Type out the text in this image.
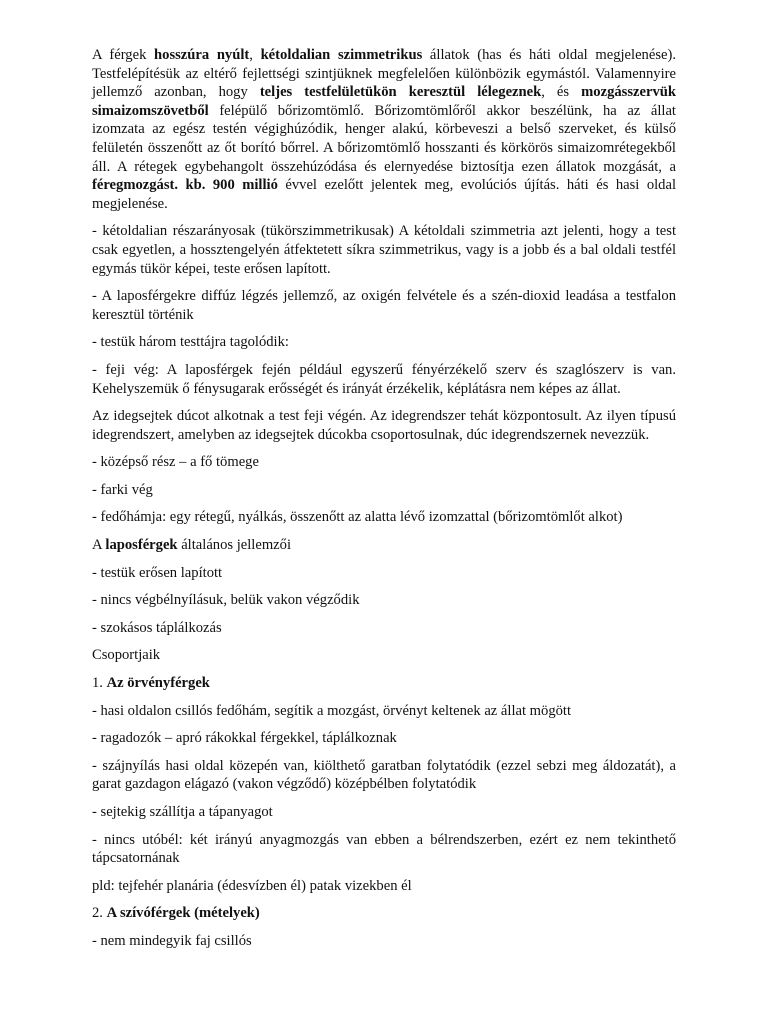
A férgek hosszúra nyúlt, kétoldalian szimmetrikus állatok (has és háti oldal megjelenése). Testfelépítésük az eltérő fejlettségi szintjüknek megfelelően különbözik egymástól. Valamennyire jellemző azonban, hogy teljes testfelületükön keresztül lélegeznek, és mozgásszervük simaizomszövetből felépülő bőrizomtömlő. Bőrizomtömlőről akkor beszélünk, ha az állat izomzata az egész testén végighúzódik, henger alakú, körbeveszi a belső szerveket, és külső felületén összenőtt az őt borító bőrrel. A bőrizomtömlő hosszanti és körkörös simaizomrétegekből áll. A rétegek egybehangolt összehúzódása és elernyedése biztosítja ezen állatok mozgását, a féregmozgást. kb. 900 millió évvel ezelőtt jelentek meg, evolúciós újítás. háti és hasi oldal megjelenése.

- kétoldalian részarányosak (tükörszimmetrikusak) A kétoldali szimmetria azt jelenti, hogy a test csak egyetlen, a hossztengelyén átfektetett síkra szimmetrikus, vagy is a jobb és a bal oldali testfél egymás tükör képei, teste erősen lapított.

- A laposférgekre diffúz légzés jellemző, az oxigén felvétele és a szén-dioxid leadása a testfalon keresztül történik

- testük három testtájra tagolódik:

- feji vég: A laposférgek fején például egyszerű fényérzékelő szerv és szaglószerv is van. Kehelyszemük ő fénysugarak erősségét és irányát érzékelik, képlátásra nem képes az állat.

Az idegsejtek dúcot alkotnak a test feji végén. Az idegrendszer tehát központosult. Az ilyen típusú idegrendszert, amelyben az idegsejtek dúcokba csoportosulnak, dúc idegrendszernek nevezzük.

- középső rész – a fő tömege

- farki vég

- fedőhámja: egy rétegű, nyálkás, összenőtt az alatta lévő izomzattal (bőrizomtömlőt alkot)

A laposférgek általános jellemzői

- testük erősen lapított

- nincs végbélnyílásuk, belük vakon végződik

- szokásos táplálkozás

Csoportjaik

1. Az örvényférgek

- hasi oldalon csillós fedőhám, segítik a mozgást, örvényt keltenek az állat mögött

- ragadozók – apró rákokkal férgekkel, táplálkoznak

- szájnyílás hasi oldal közepén van, kiölthető garatban folytatódik (ezzel sebzi meg áldozatát), a garat gazdagon elágazó (vakon végződő) középbélben folytatódik

- sejtekig szállítja a tápanyagot

- nincs utóbél: két irányú anyagmozgás van ebben a bélrendszerben, ezért ez nem tekinthető tápcsatornának

pld: tejfehér planária (édesvízben él) patak vizekben él

2. A szívóférgek (mételyek)

- nem mindegyik faj csillós
